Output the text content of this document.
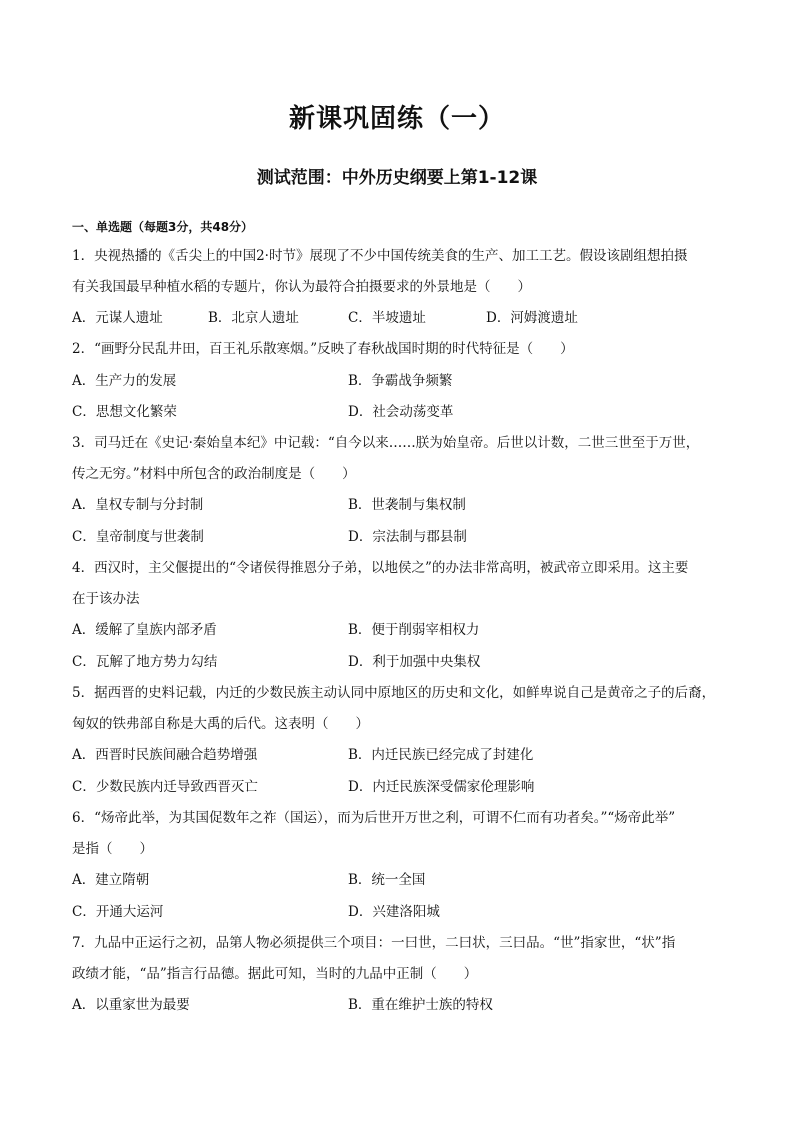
新课巩固练（一）
测试范围：中外历史纲要上第1-12课
一、单选题（每题3分，共48分）
1．央视热播的《舌尖上的中国2·时节》展现了不少中国传统美食的生产、加工工艺。假设该剧组想拍摄
有关我国最早种植水稻的专题片，你认为最符合拍摄要求的外景地是（　　）
A．元谋人遗址	B．北京人遗址	C．半坡遗址	D．河姆渡遗址
2．“画野分民乱井田，百王礼乐散寒烟。”反映了春秋战国时期的时代特征是（　　）
A．生产力的发展	B．争霸战争频繁
C．思想文化繁荣	D．社会动荡变革
3．司马迁在《史记·秦始皇本纪》中记载：“自今以来……朕为始皇帝。后世以计数，二世三世至于万世，
传之无穷。”材料中所包含的政治制度是（　　）
A．皇权专制与分封制	B．世袭制与集权制
C．皇帝制度与世袭制	D．宗法制与郡县制
4．西汉时，主父偃提出的“令诸侯得推恩分子弟，以地侯之”的办法非常高明，被武帝立即采用。这主要
在于该办法
A．缓解了皇族内部矛盾	B．便于削弱宰相权力
C．瓦解了地方势力勾结	D．利于加强中央集权
5．据西晋的史料记载，内迁的少数民族主动认同中原地区的历史和文化，如鲜卑说自己是黄帝之子的后裔，
匈奴的铁弗部自称是大禹的后代。这表明（　　）
A．西晋时民族间融合趋势增强	B．内迁民族已经完成了封建化
C．少数民族内迁导致西晋灭亡	D．内迁民族深受儒家伦理影响
6．“炀帝此举，为其国促数年之祚（国运），而为后世开万世之利，可谓不仁而有功者矣。”“炀帝此举”
是指（　　）
A．建立隋朝	B．统一全国
C．开通大运河	D．兴建洛阳城
7．九品中正运行之初，品第人物必须提供三个项目：一曰世，二曰状，三曰品。“世”指家世，“状”指
政绩才能，“品”指言行品德。据此可知，当时的九品中正制（　　）
A．以重家世为最要	B．重在维护士族的特权
